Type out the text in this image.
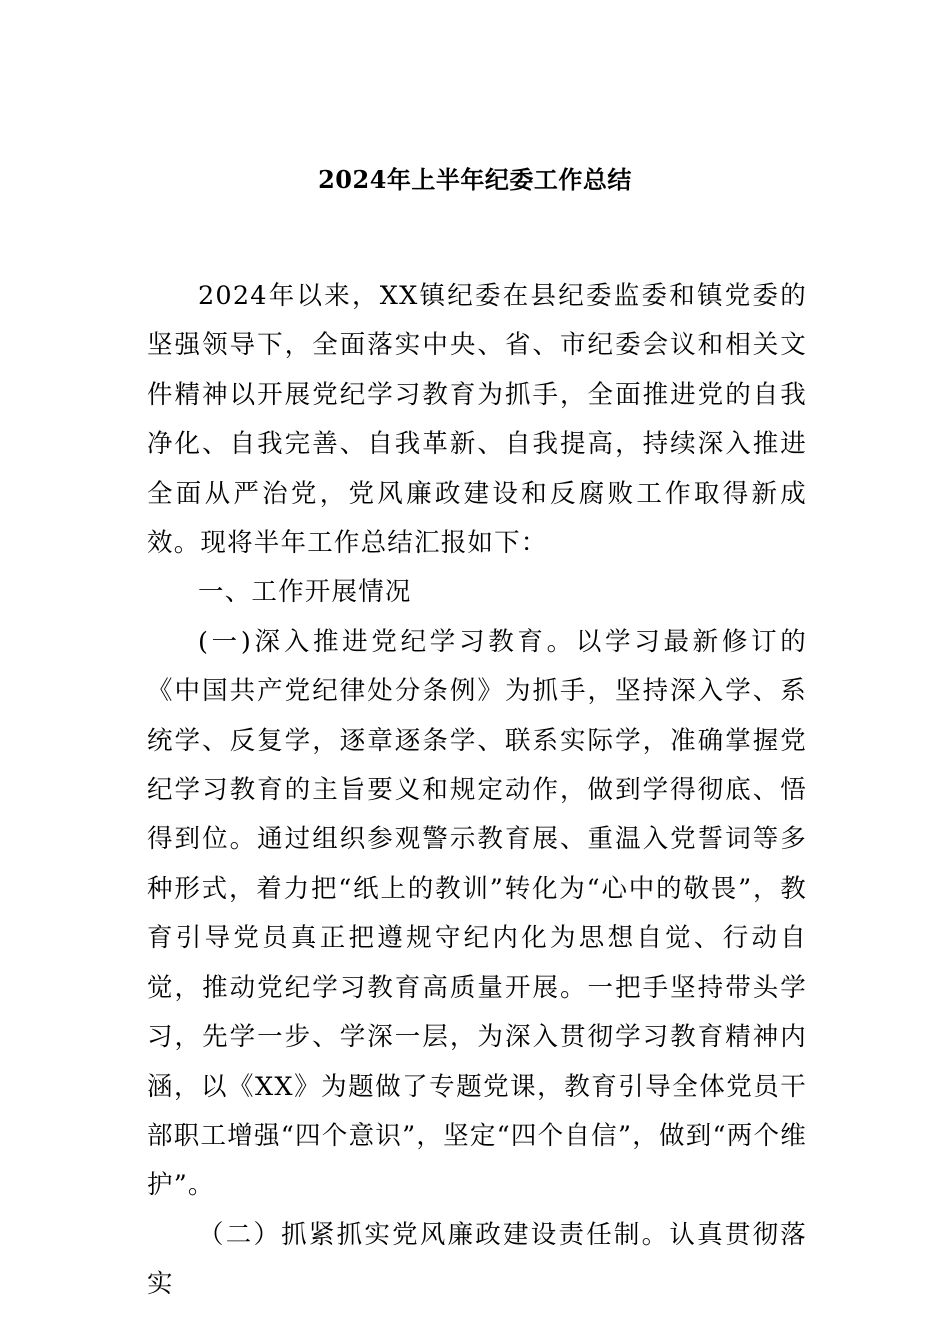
2024年上半年纪委工作总结

2024年以来，XX镇纪委在县纪委监委和镇党委的坚强领导下，全面落实中央、省、市纪委会议和相关文件精神以开展党纪学习教育为抓手，全面推进党的自我净化、自我完善、自我革新、自我提高，持续深入推进全面从严治党，党风廉政建设和反腐败工作取得新成效。现将半年工作总结汇报如下：

一、工作开展情况

(一)深入推进党纪学习教育。以学习最新修订的《中国共产党纪律处分条例》为抓手，坚持深入学、系统学、反复学，逐章逐条学、联系实际学，准确掌握党纪学习教育的主旨要义和规定动作，做到学得彻底、悟得到位。通过组织参观警示教育展、重温入党誓词等多种形式，着力把“纸上的教训”转化为“心中的敬畏”，教育引导党员真正把遵规守纪内化为思想自觉、行动自觉，推动党纪学习教育高质量开展。一把手坚持带头学习，先学一步、学深一层，为深入贯彻学习教育精神内涵，以《XX》为题做了专题党课，教育引导全体党员干部职工增强“四个意识”，坚定“四个自信”，做到“两个维护”。

（二）抓紧抓实党风廉政建设责任制。认真贯彻落实
